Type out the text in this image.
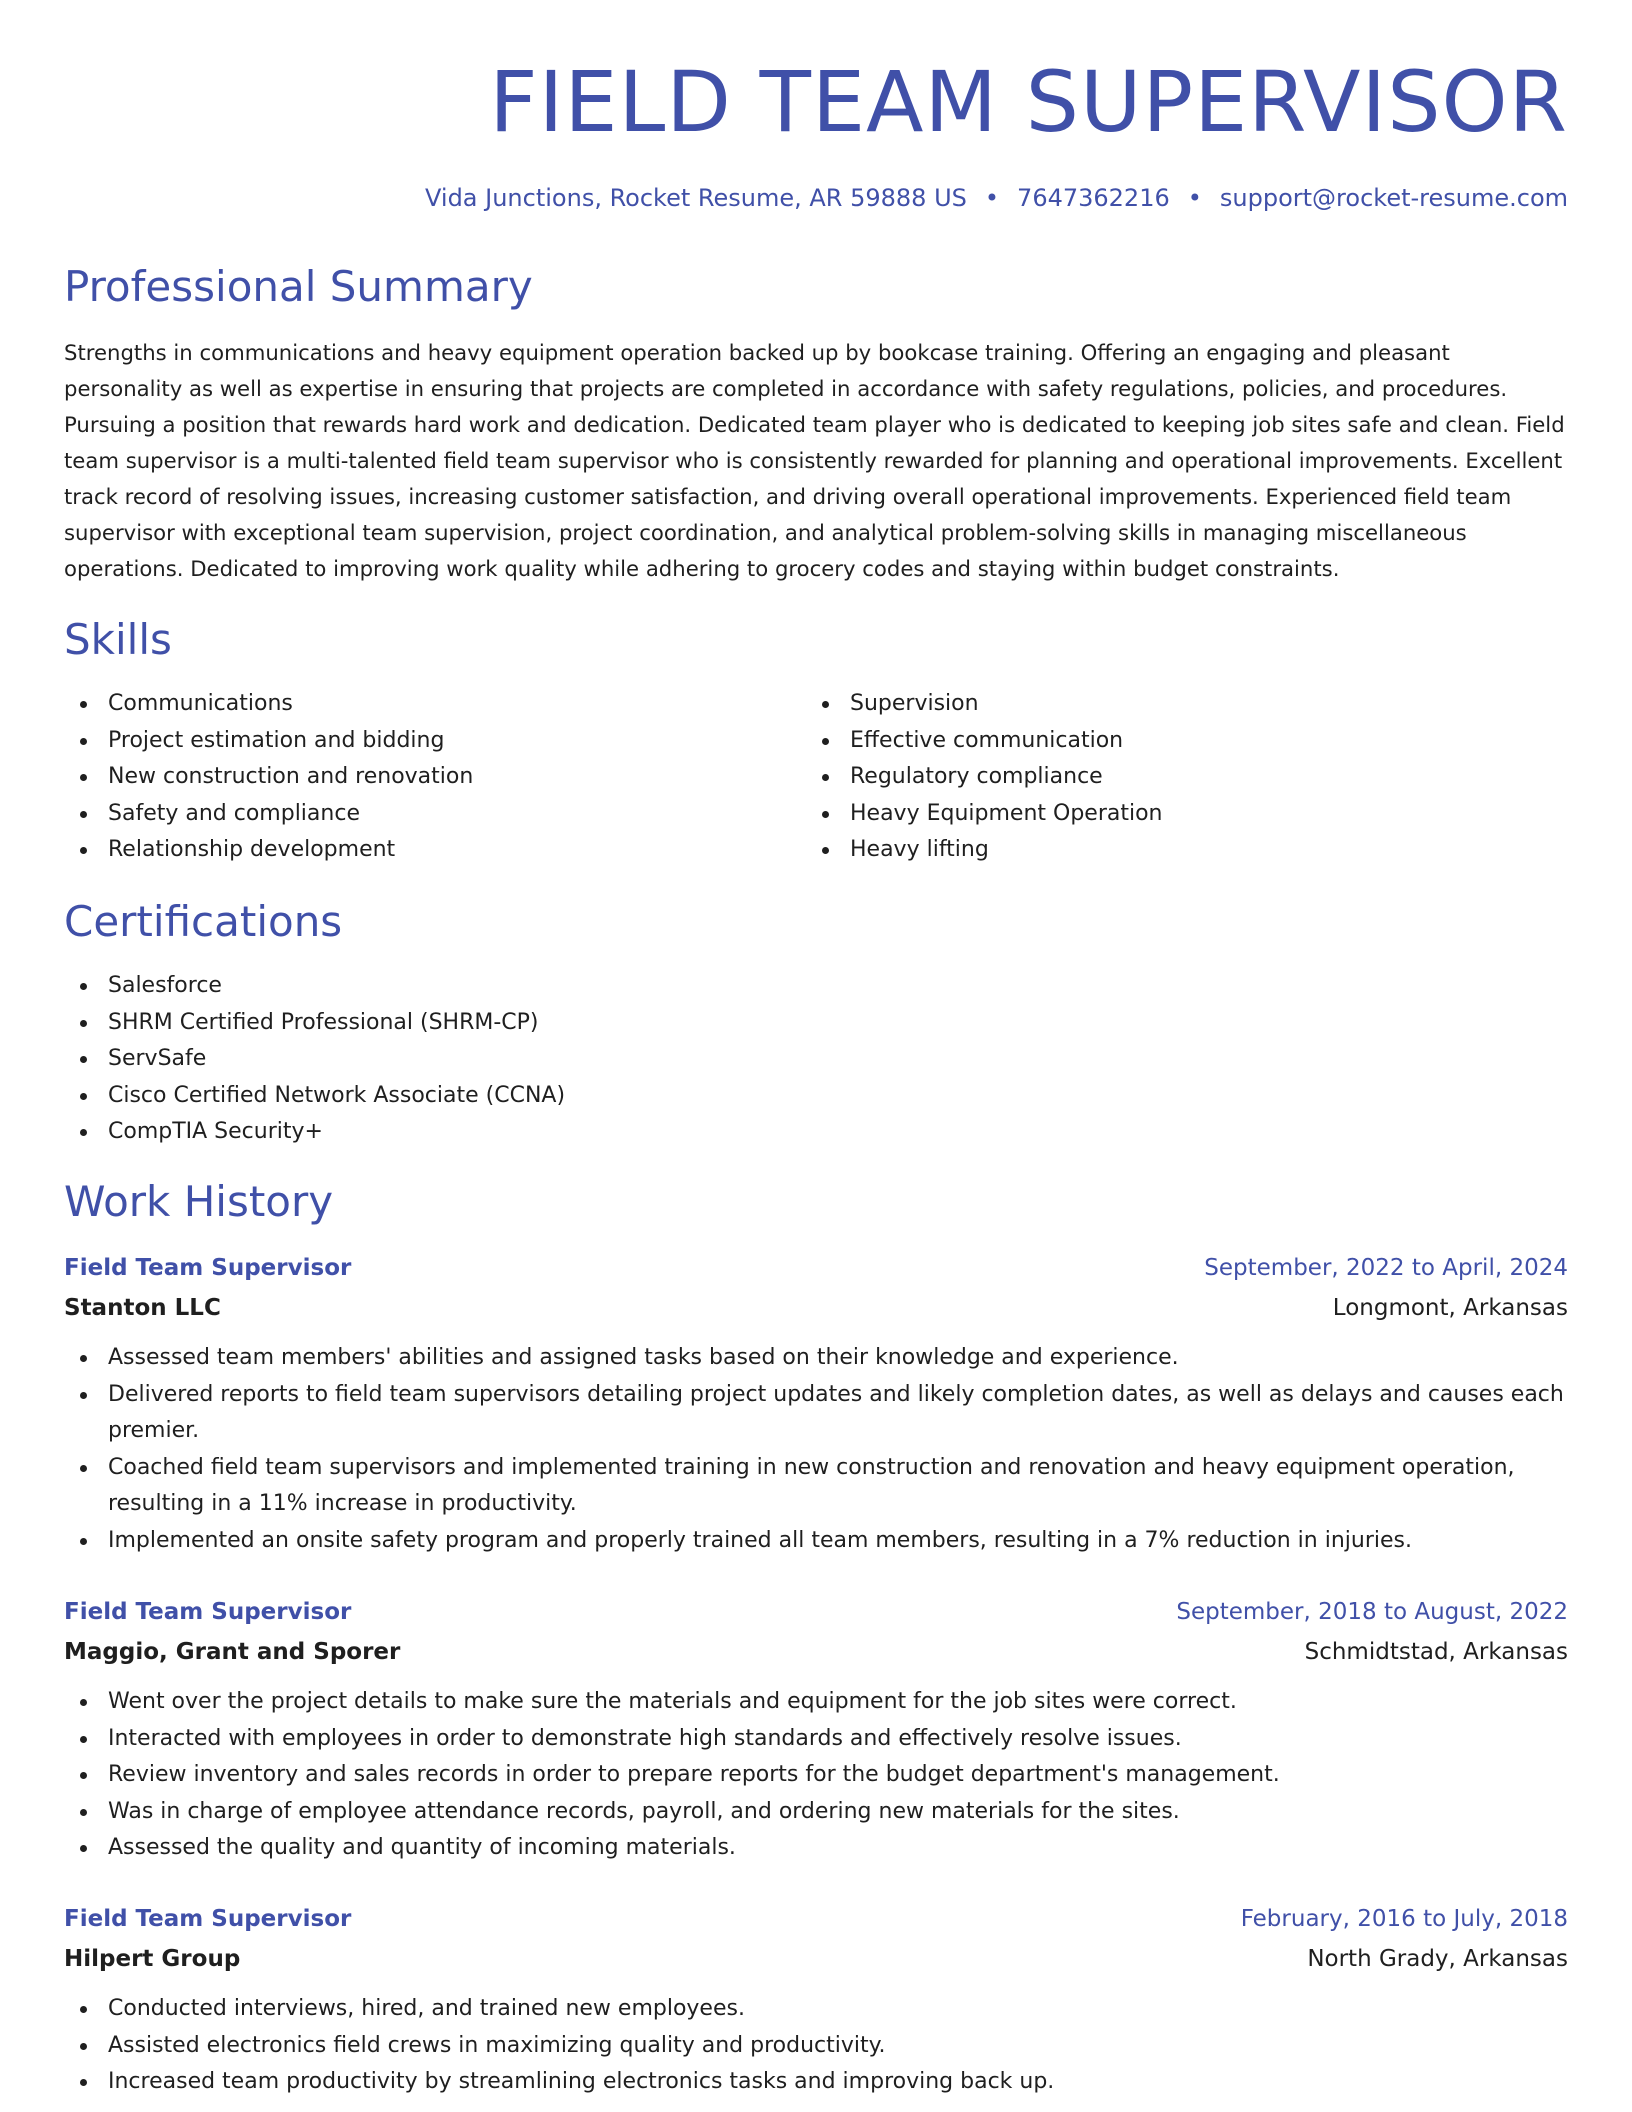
FIELD TEAM SUPERVISOR
Vida Junctions, Rocket Resume, AR 59888 US • 7647362216 • support@rocket-resume.com
Professional Summary

Strengths in communications and heavy equipment operation backed up by bookcase training. Offering an engaging and pleasant personality as well as expertise in ensuring that projects are completed in accordance with safety regulations, policies, and procedures. Pursuing a position that rewards hard work and dedication. Dedicated team player who is dedicated to keeping job sites safe and clean. Field team supervisor is a multi-talented field team supervisor who is consistently rewarded for planning and operational improvements. Excellent track record of resolving issues, increasing customer satisfaction, and driving overall operational improvements. Experienced field team supervisor with exceptional team supervision, project coordination, and analytical problem-solving skills in managing miscellaneous operations. Dedicated to improving work quality while adhering to grocery codes and staying within budget constraints.

Skills
Communications
Project estimation and bidding
New construction and renovation
Safety and compliance
Relationship development
Supervision
Effective communication
Regulatory compliance
Heavy Equipment Operation
Heavy lifting
Certifications
Salesforce
SHRM Certified Professional (SHRM-CP)
ServSafe
Cisco Certified Network Associate (CCNA)
CompTIA Security+
Work History
Field Team Supervisor	September, 2022 to April, 2024
Stanton LLC	Longmont, Arkansas
Assessed team members' abilities and assigned tasks based on their knowledge and experience.
Delivered reports to field team supervisors detailing project updates and likely completion dates, as well as delays and causes each premier.
Coached field team supervisors and implemented training in new construction and renovation and heavy equipment operation, resulting in a 11% increase in productivity.
Implemented an onsite safety program and properly trained all team members, resulting in a 7% reduction in injuries.
Field Team Supervisor	September, 2018 to August, 2022
Maggio, Grant and Sporer	Schmidtstad, Arkansas
Went over the project details to make sure the materials and equipment for the job sites were correct.
Interacted with employees in order to demonstrate high standards and effectively resolve issues.
Review inventory and sales records in order to prepare reports for the budget department's management.
Was in charge of employee attendance records, payroll, and ordering new materials for the sites.
Assessed the quality and quantity of incoming materials.
Field Team Supervisor	February, 2016 to July, 2018
Hilpert Group	North Grady, Arkansas
Conducted interviews, hired, and trained new employees.
Assisted electronics field crews in maximizing quality and productivity.
Increased team productivity by streamlining electronics tasks and improving back up.
